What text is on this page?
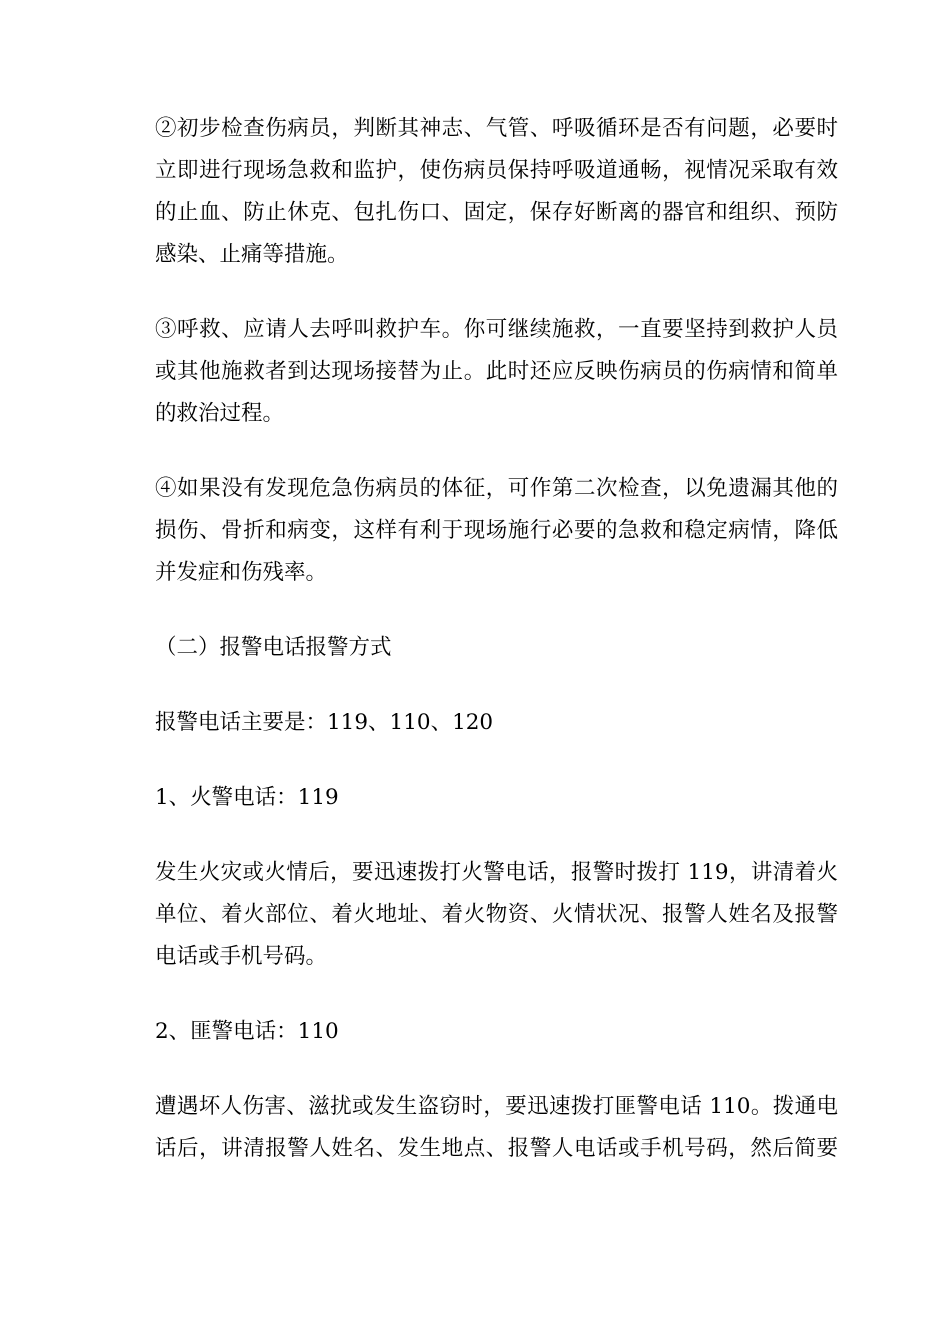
②初步检查伤病员，判断其神志、气管、呼吸循环是否有问题，必要时
立即进行现场急救和监护，使伤病员保持呼吸道通畅，视情况采取有效
的止血、防止休克、包扎伤口、固定，保存好断离的器官和组织、预防
感染、止痛等措施。

③呼救、应请人去呼叫救护车。你可继续施救，一直要坚持到救护人员
或其他施救者到达现场接替为止。此时还应反映伤病员的伤病情和简单
的救治过程。

④如果没有发现危急伤病员的体征，可作第二次检查，以免遗漏其他的
损伤、骨折和病变，这样有利于现场施行必要的急救和稳定病情，降低
并发症和伤残率。

（二）报警电话报警方式

报警电话主要是：119、110、120

1、火警电话：119

发生火灾或火情后，要迅速拨打火警电话，报警时拨打 119，讲清着火
单位、着火部位、着火地址、着火物资、火情状况、报警人姓名及报警
电话或手机号码。

2、匪警电话：110

遭遇坏人伤害、滋扰或发生盗窃时，要迅速拨打匪警电话 110。拨通电
话后，讲清报警人姓名、发生地点、报警人电话或手机号码，然后简要
